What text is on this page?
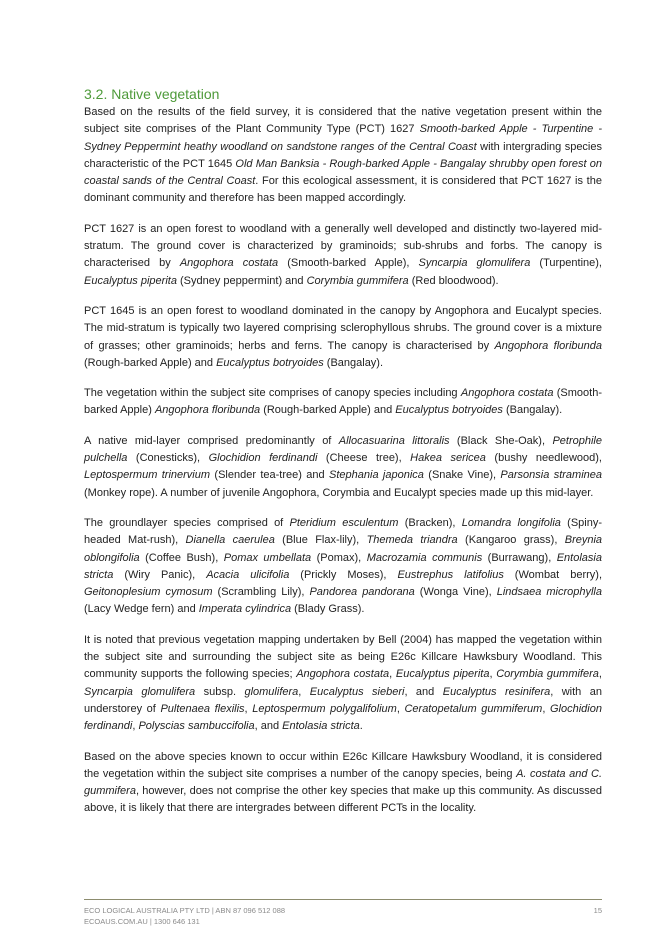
3.2. Native vegetation

Based on the results of the field survey, it is considered that the native vegetation present within the subject site comprises of the Plant Community Type (PCT) 1627 Smooth-barked Apple - Turpentine - Sydney Peppermint heathy woodland on sandstone ranges of the Central Coast with intergrading species characteristic of the PCT 1645 Old Man Banksia - Rough-barked Apple - Bangalay shrubby open forest on coastal sands of the Central Coast. For this ecological assessment, it is considered that PCT 1627 is the dominant community and therefore has been mapped accordingly.

PCT 1627 is an open forest to woodland with a generally well developed and distinctly two-layered mid-stratum. The ground cover is characterized by graminoids; sub-shrubs and forbs. The canopy is characterised by Angophora costata (Smooth-barked Apple), Syncarpia glomulifera (Turpentine), Eucalyptus piperita (Sydney peppermint) and Corymbia gummifera (Red bloodwood).

PCT 1645 is an open forest to woodland dominated in the canopy by Angophora and Eucalypt species. The mid-stratum is typically two layered comprising sclerophyllous shrubs. The ground cover is a mixture of grasses; other graminoids; herbs and ferns. The canopy is characterised by Angophora floribunda (Rough-barked Apple) and Eucalyptus botryoides (Bangalay).

The vegetation within the subject site comprises of canopy species including Angophora costata (Smooth-barked Apple) Angophora floribunda (Rough-barked Apple) and Eucalyptus botryoides (Bangalay).

A native mid-layer comprised predominantly of Allocasuarina littoralis (Black She-Oak), Petrophile pulchella (Conesticks), Glochidion ferdinandi (Cheese tree), Hakea sericea (bushy needlewood), Leptospermum trinervium (Slender tea-tree) and Stephania japonica (Snake Vine), Parsonsia straminea (Monkey rope). A number of juvenile Angophora, Corymbia and Eucalypt species made up this mid-layer.

The groundlayer species comprised of Pteridium esculentum (Bracken), Lomandra longifolia (Spiny-headed Mat-rush), Dianella caerulea (Blue Flax-lily), Themeda triandra (Kangaroo grass), Breynia oblongifolia (Coffee Bush), Pomax umbellata (Pomax), Macrozamia communis (Burrawang), Entolasia stricta (Wiry Panic), Acacia ulicifolia (Prickly Moses), Eustrephus latifolius (Wombat berry), Geitonoplesium cymosum (Scrambling Lily), Pandorea pandorana (Wonga Vine), Lindsaea microphylla (Lacy Wedge fern) and Imperata cylindrica (Blady Grass).

It is noted that previous vegetation mapping undertaken by Bell (2004) has mapped the vegetation within the subject site and surrounding the subject site as being E26c Killcare Hawksbury Woodland. This community supports the following species; Angophora costata, Eucalyptus piperita, Corymbia gummifera, Syncarpia glomulifera subsp. glomulifera, Eucalyptus sieberi, and Eucalyptus resinifera, with an understorey of Pultenaea flexilis, Leptospermum polygalifolium, Ceratopetalum gummiferum, Glochidion ferdinandi, Polyscias sambuccifolia, and Entolasia stricta.

Based on the above species known to occur within E26c Killcare Hawksbury Woodland, it is considered the vegetation within the subject site comprises a number of the canopy species, being A. costata and C. gummifera, however, does not comprise the other key species that make up this community. As discussed above, it is likely that there are intergrades between different PCTs in the locality.

ECO LOGICAL AUSTRALIA PTY LTD | ABN 87 096 512 088
ECOAUS.COM.AU | 1300 646 131
15
